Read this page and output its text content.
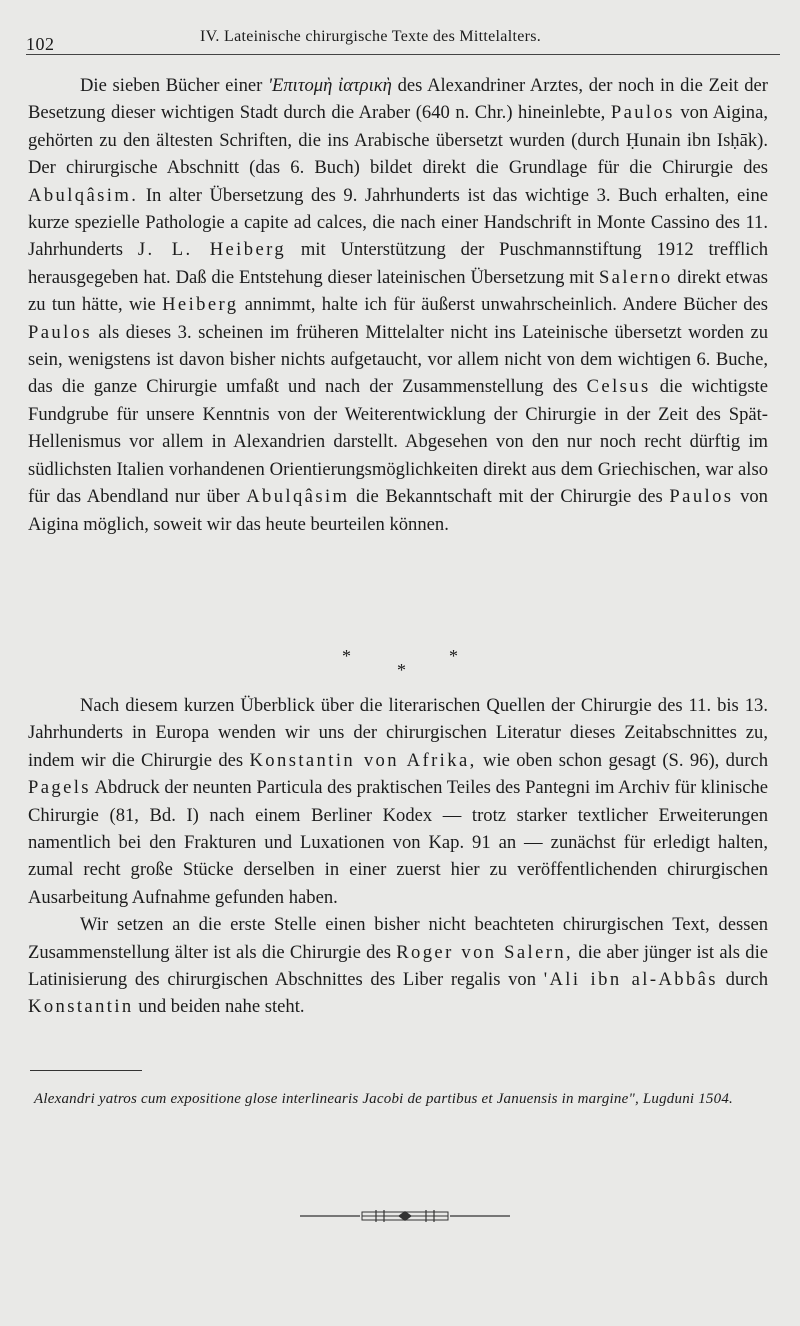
102	IV. Lateinische chirurgische Texte des Mittelalters.

Die sieben Bücher einer 'Επιτομὴ ἰατρικὴ des Alexandriner Arztes, der noch in die Zeit der Besetzung dieser wichtigen Stadt durch die Araber (640 n. Chr.) hineinlebte, Paulos von Aigina, gehörten zu den ältesten Schriften, die ins Arabische übersetzt wurden (durch Ḥunain ibn Isḥāk). Der chirurgische Abschnitt (das 6. Buch) bildet direkt die Grundlage für die Chirurgie des Abulqâsim. In alter Übersetzung des 9. Jahrhunderts ist das wichtige 3. Buch erhalten, eine kurze spezielle Pathologie a capite ad calces, die nach einer Handschrift in Monte Cassino des 11. Jahrhunderts J. L. Heiberg mit Unterstützung der Puschmannstiftung 1912 trefflich herausgegeben hat. Daß die Entstehung dieser lateinischen Übersetzung mit Salerno direkt etwas zu tun hätte, wie Heiberg annimmt, halte ich für äußerst unwahrscheinlich. Andere Bücher des Paulos als dieses 3. scheinen im früheren Mittelalter nicht ins Lateinische übersetzt worden zu sein, wenigstens ist davon bisher nichts aufgetaucht, vor allem nicht von dem wichtigen 6. Buche, das die ganze Chirurgie umfaßt und nach der Zusammenstellung des Celsus die wichtigste Fundgrube für unsere Kenntnis von der Weiterentwicklung der Chirurgie in der Zeit des Spät-Hellenismus vor allem in Alexandrien darstellt. Abgesehen von den nur noch recht dürftig im südlichsten Italien vorhandenen Orientierungsmöglichkeiten direkt aus dem Griechischen, war also für das Abendland nur über Abulqâsim die Bekanntschaft mit der Chirurgie des Paulos von Aigina möglich, soweit wir das heute beurteilen können.

*
*
*

Nach diesem kurzen Überblick über die literarischen Quellen der Chirurgie des 11. bis 13. Jahrhunderts in Europa wenden wir uns der chirurgischen Literatur dieses Zeitabschnittes zu, indem wir die Chirurgie des Konstantin von Afrika, wie oben schon gesagt (S. 96), durch Pagels Abdruck der neunten Particula des praktischen Teiles des Pantegni im Archiv für klinische Chirurgie (81, Bd. I) nach einem Berliner Kodex — trotz starker textlicher Erweiterungen namentlich bei den Frakturen und Luxationen von Kap. 91 an — zunächst für erledigt halten, zumal recht große Stücke derselben in einer zuerst hier zu veröffentlichenden chirurgischen Ausarbeitung Aufnahme gefunden haben.

Wir setzen an die erste Stelle einen bisher nicht beachteten chirurgischen Text, dessen Zusammenstellung älter ist als die Chirurgie des Roger von Salern, die aber jünger ist als die Latinisierung des chirurgischen Abschnittes des Liber regalis von 'Ali ibn al-Abbâs durch Konstantin und beiden nahe steht.

Alexandri yatros cum expositione glose interlinearis Jacobi de partibus et Januensis in margine", Lugduni 1504.
